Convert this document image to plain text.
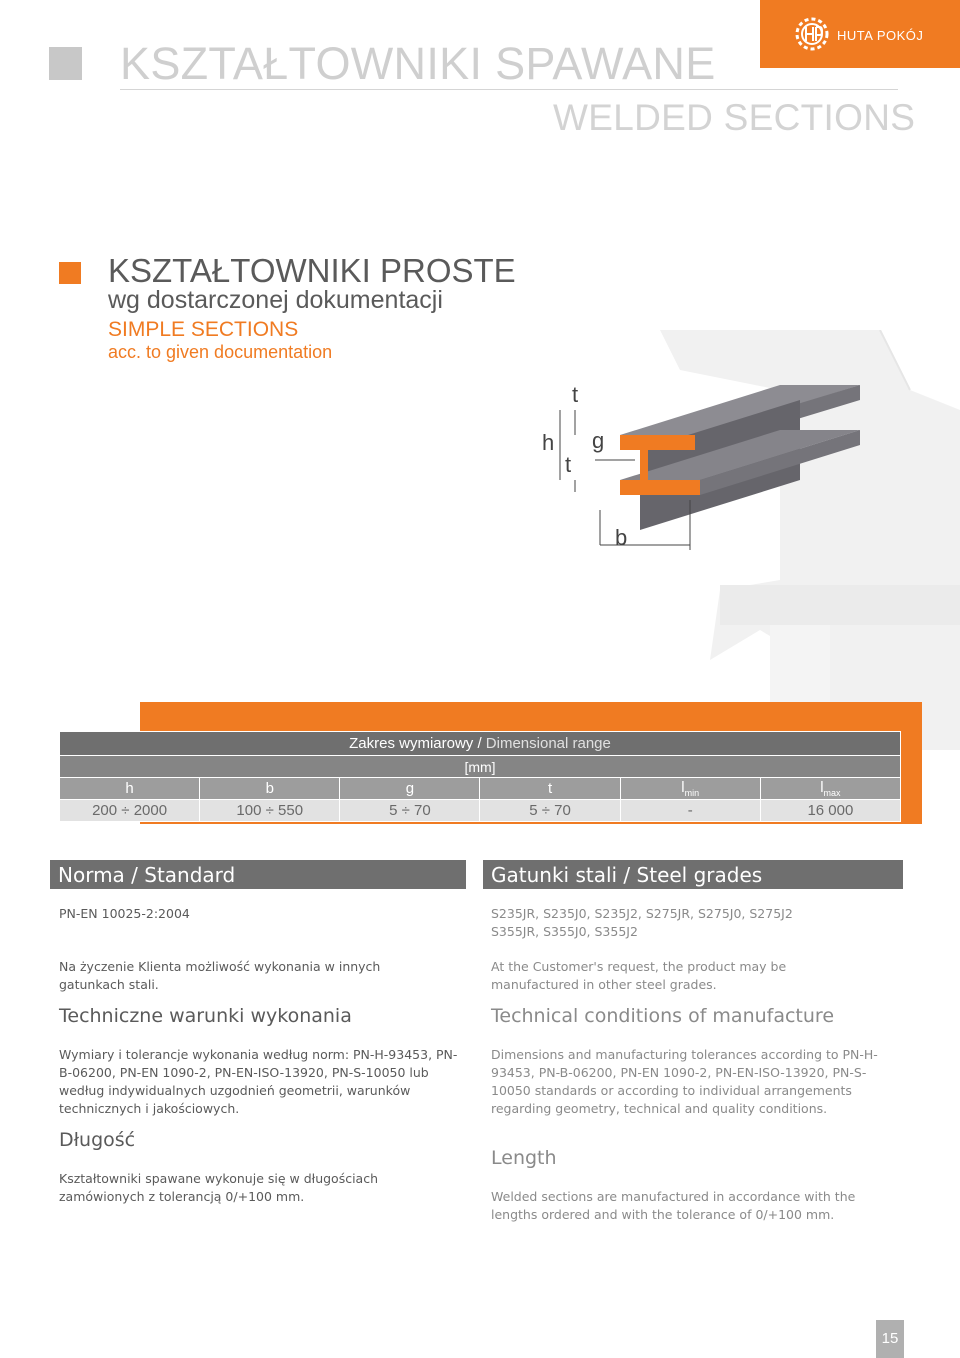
HUTA POKÓJ
KSZTAŁTOWNIKI SPAWANE
WELDED SECTIONS
KSZTAŁTOWNIKI PROSTE
wg dostarczonej dokumentacji
SIMPLE SECTIONS
acc. to given documentation
t
h g
t
b
Zakres wymiarowy / Dimensional range					
[mm]					
h	b	g	t	$l_{min}$	$l_{max}$
200 ÷ 2000	100 ÷ 550	5 ÷ 70	5 ÷ 70	-	16 000
Norma / Standard
PN-EN 10025-2:2004
Na życzenie Klienta możliwość wykonania w innych gatunkach stali.
Techniczne warunki wykonania
Wymiary i tolerancje wykonania według norm: PN-H-93453, PN-B-06200, PN-EN 1090-2, PN-EN-ISO-13920, PN-S-10050 lub według indywidualnych uzgodnień geometrii, warunków technicznych i jakościowych.
Długość
Kształtowniki spawane wykonuje się w długościach zamówionych z tolerancją 0/+100 mm.
Gatunki stali / Steel grades
S235JR, S235J0, S235J2, S275JR, S275J0, S275J2
S355JR, S355J0, S355J2
At the Customer's request, the product may be manufactured in other steel grades.
Technical conditions of manufacture
Dimensions and manufacturing tolerances according to PN-H-93453, PN-B-06200, PN-EN 1090-2, PN-EN-ISO-13920, PN-S-10050 standards or according to individual arrangements regarding geometry, technical and quality conditions.
Length
Welded sections are manufactured in accordance with the lengths ordered and with the tolerance of 0/+100 mm.
15
